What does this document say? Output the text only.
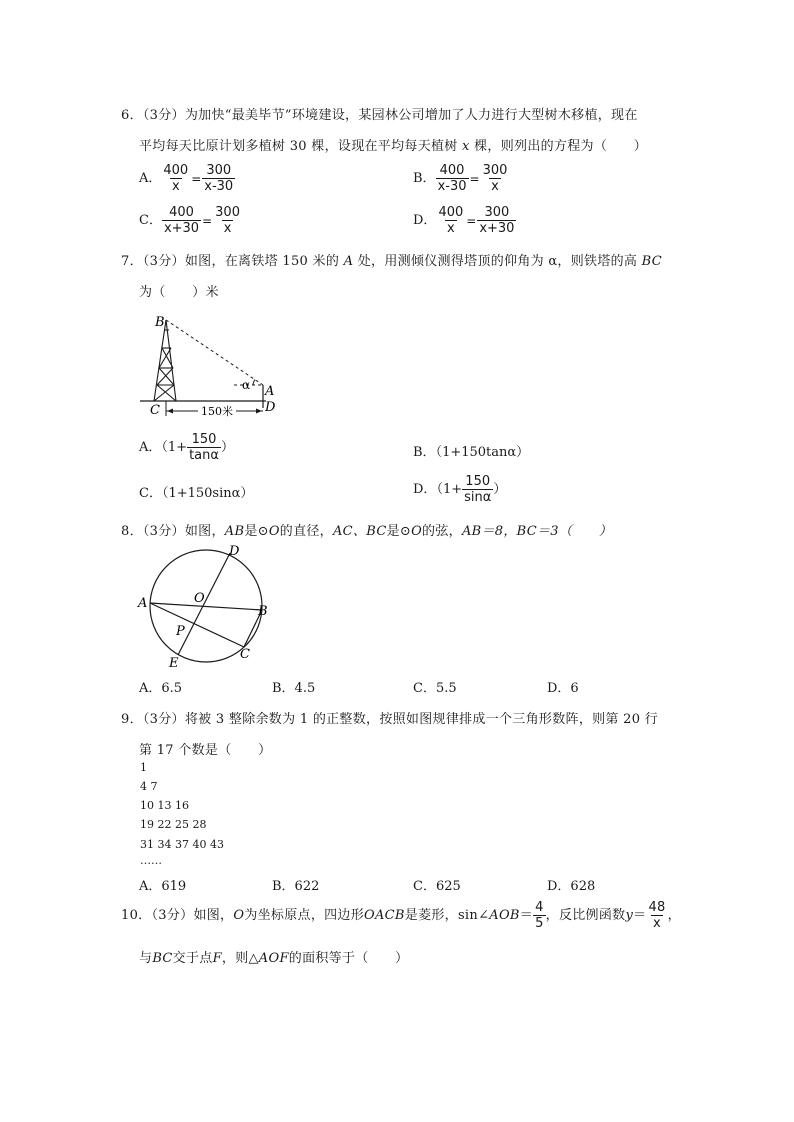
6．（3分）为加快“最美毕节”环境建设，某园林公司增加了人力进行大型树木移植，现在
平均每天比原计划多植树 30 棵，设现在平均每天植树 x 棵，则列出的方程为（　　）
A． $\frac{400}{x} = \frac{300}{x-30}$	B． $\frac{400}{x-30} = \frac{300}{x}$
C． $\frac{400}{x+30} = \frac{300}{x}$	D． $\frac{400}{x} = \frac{300}{x+30}$
7．（3分）如图，在离铁塔 150 米的 A 处，用测倾仪测得塔顶的仰角为 α，则铁塔的高 BC
为（　　）米
150米
B
C
A
D
α
A．（$1+ \frac{150}{\tan\alpha}$ ）	B．（1+150tanα）
C．（1+150sinα）	D．（$1+ \frac{150}{\sin\alpha}$ ）
8．（3分）如图，AB是⊙O的直径，AC、BC是⊙O的弦，AB＝8，BC＝3（　　）
D
O
A
B
P
C
E
A．6.5	B．4.5	C．5.5	D．6
9．（3分）将被 3 整除余数为 1 的正整数，按照如图规律排成一个三角形数阵，则第 20 行
第 17 个数是（　　）
1
4 7
10 13 16
19 22 25 28
31 34 37 40 43
……
A．619	B．622	C．625	D．628
10．（3分）如图，O为坐标原点，四边形OACB是菱形，sin∠AOB＝ $\frac{4}{5}$ ，反比例函数$y= \frac{48}{x}$ ，
与BC交于点F，则△AOF的面积等于（　　）
